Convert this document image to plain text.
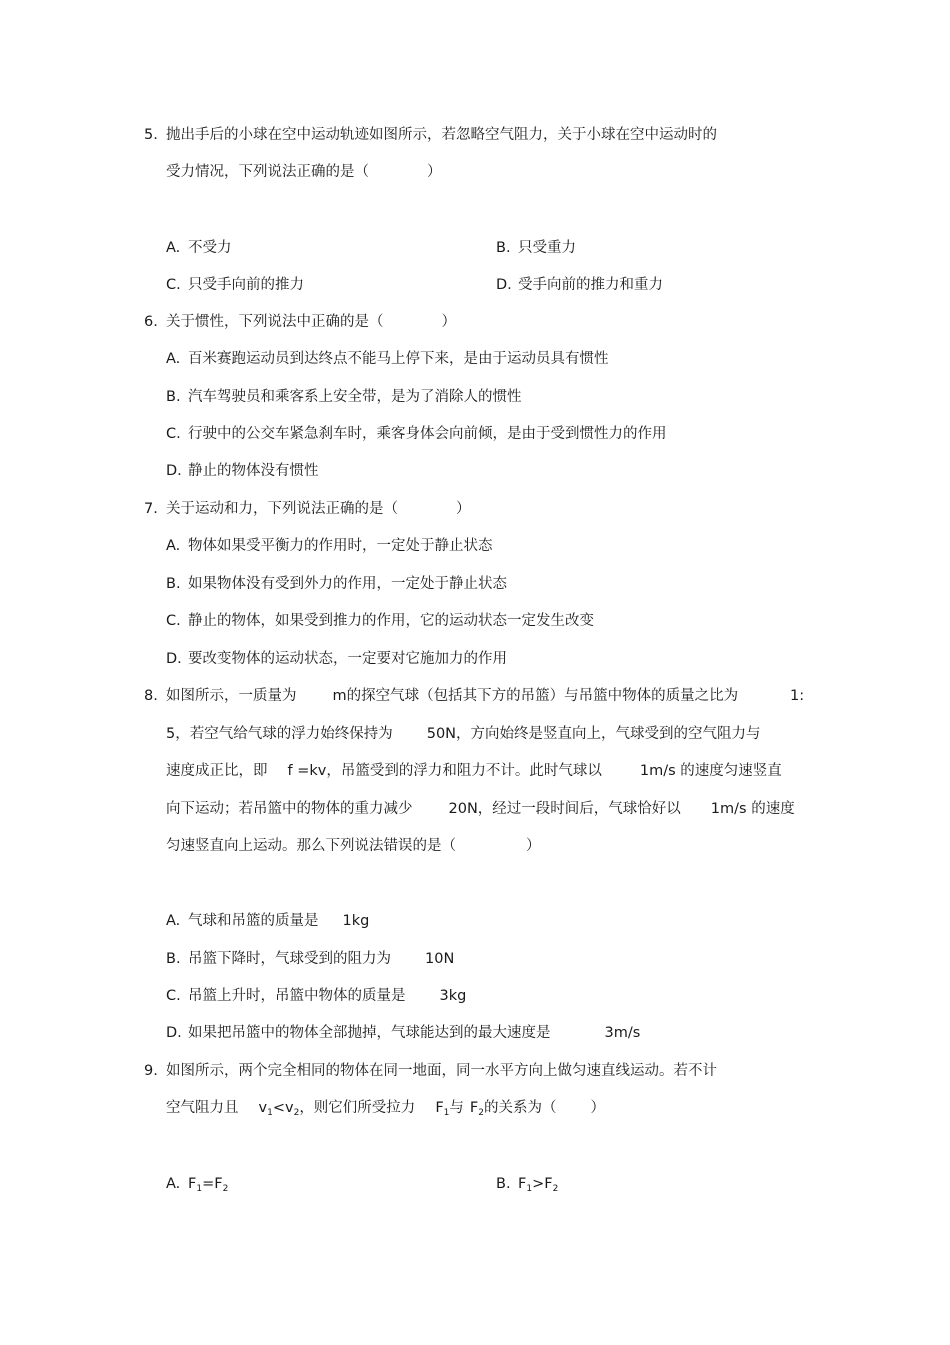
5. 抛出手后的小球在空中运动轨迹如图所示，若忽略空气阻力，关于小球在空中运动时的

受力情况，下列说法正确的是（	）

A. 不受力	B. 只受重力

C. 只受手向前的推力	D. 受手向前的推力和重力

6. 关于惯性，下列说法中正确的是（	）

A. 百米赛跑运动员到达终点不能马上停下来，是由于运动员具有惯性

B. 汽车驾驶员和乘客系上安全带，是为了消除人的惯性

C. 行驶中的公交车紧急刹车时，乘客身体会向前倾，是由于受到惯性力的作用

D. 静止的物体没有惯性

7. 关于运动和力，下列说法正确的是（	）

A. 物体如果受平衡力的作用时，一定处于静止状态

B. 如果物体没有受到外力的作用，一定处于静止状态

C. 静止的物体，如果受到推力的作用，它的运动状态一定发生改变

D. 要改变物体的运动状态，一定要对它施加力的作用

8. 如图所示，一质量为 m的探空气球（包括其下方的吊篮）与吊篮中物体的质量之比为	1:

5，若空气给气球的浮力始终保持为 50N，方向始终是竖直向上，气球受到的空气阻力与

速度成正比，即 f =kv，吊篮受到的浮力和阻力不计。此时气球以	1m/s 的速度匀速竖直

向下运动；若吊篮中的物体的重力减少 20N，经过一段时间后，气球恰好以 1m/s 的速度

匀速竖直向上运动。那么下列说法错误的是（	）

A. 气球和吊篮的质量是 1kg

B. 吊篮下降时，气球受到的阻力为 10N

C. 吊篮上升时，吊篮中物体的质量是 3kg

D. 如果把吊篮中的物体全部抛掉，气球能达到的最大速度是	3m/s

9. 如图所示，两个完全相同的物体在同一地面，同一水平方向上做匀速直线运动。若不计

空气阻力且 $v_1<v_2$，则它们所受拉力 $F_1$与 $F_2$的关系为（ ）

A. $F_1=F_2$	B. $F_1>F_2$
